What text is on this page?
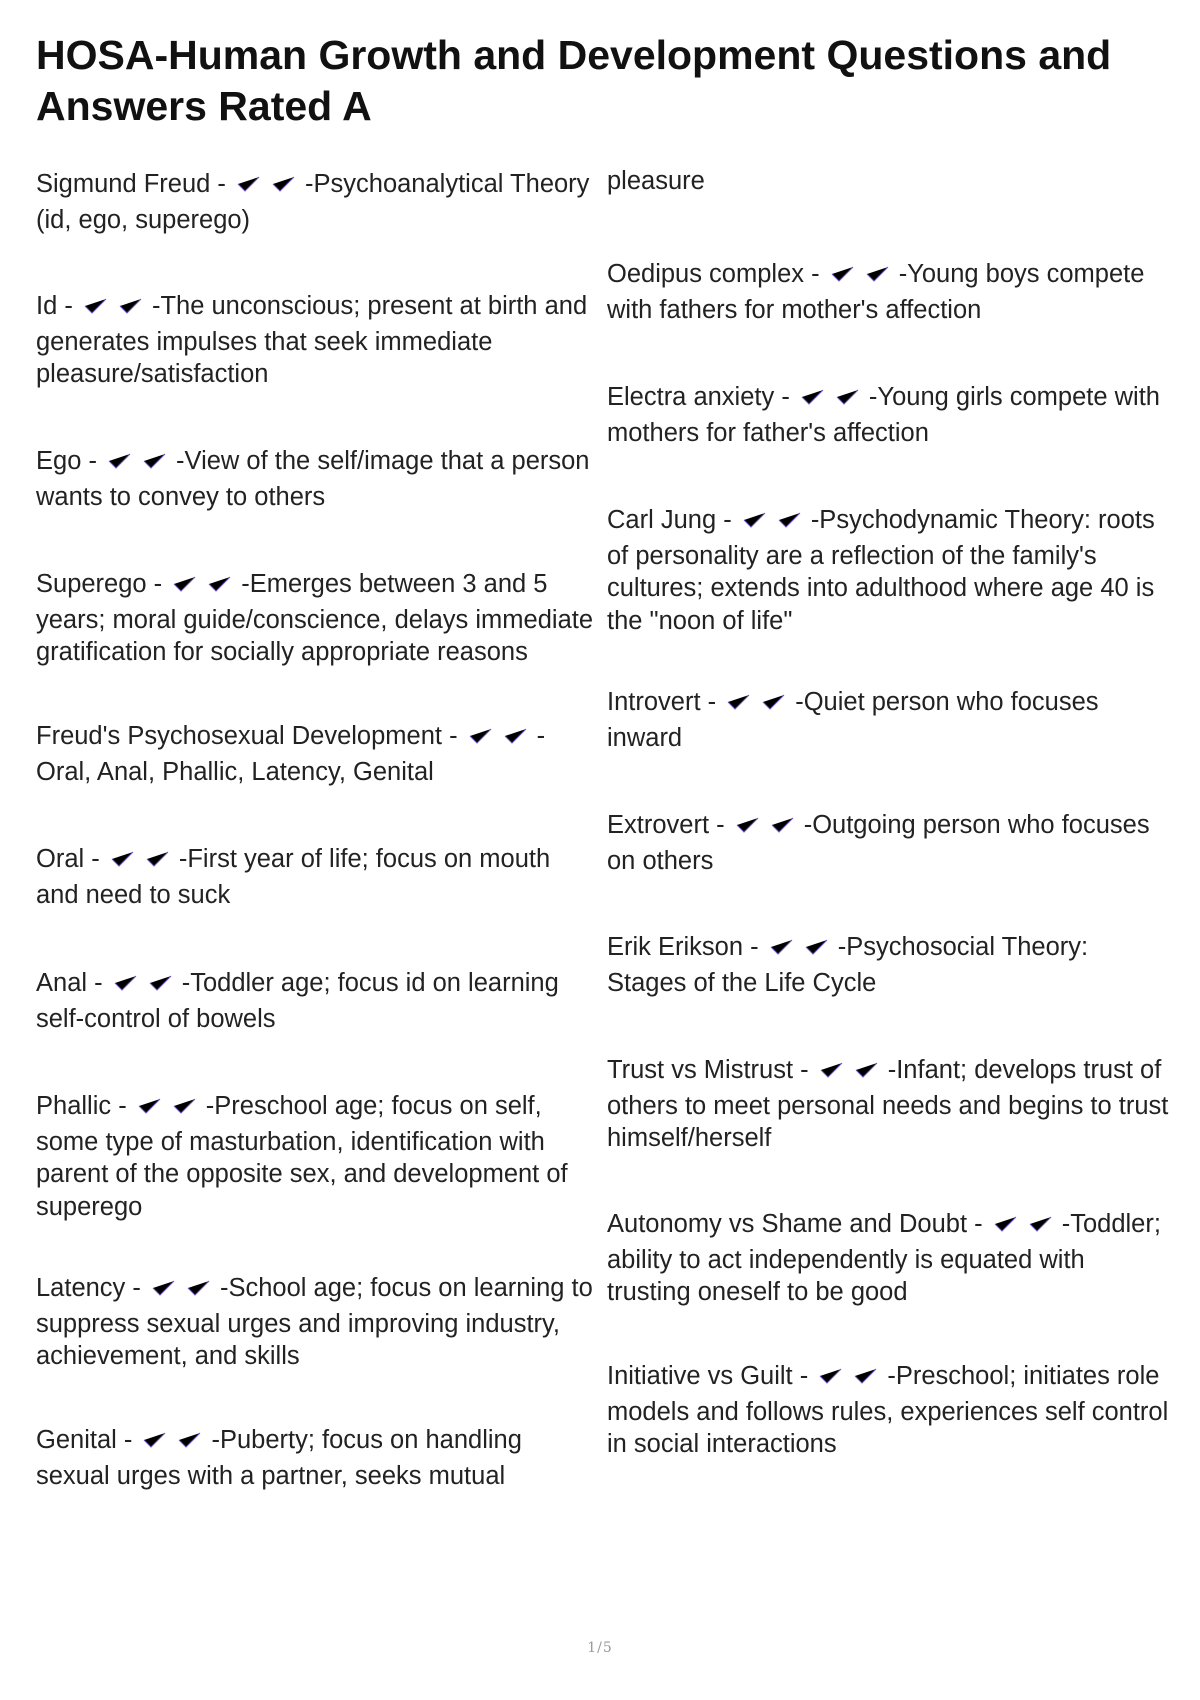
HOSA-Human Growth and Development Questions and Answers Rated A

Sigmund Freud -	-Psychoanalytical Theory (id, ego, superego)

Id -	-The unconscious; present at birth and generates impulses that seek immediate pleasure/satisfaction

Ego -	-View of the self/image that a person wants to convey to others

Superego -	-Emerges between 3 and 5 years; moral guide/conscience, delays immediate gratification for socially appropriate reasons

Freud's Psychosexual Development -	-Oral, Anal, Phallic, Latency, Genital

Oral -	-First year of life; focus on mouth and need to suck

Anal -	-Toddler age; focus id on learning self-control of bowels

Phallic -	-Preschool age; focus on self, some type of masturbation, identification with parent of the opposite sex, and development of superego

Latency -	-School age; focus on learning to suppress sexual urges and improving industry, achievement, and skills

Genital -	-Puberty; focus on handling sexual urges with a partner, seeks mutual

pleasure

Oedipus complex -	-Young boys compete with fathers for mother's affection

Electra anxiety -	-Young girls compete with mothers for father's affection

Carl Jung -	-Psychodynamic Theory: roots of personality are a reflection of the family's cultures; extends into adulthood where age 40 is the "noon of life"

Introvert -	-Quiet person who focuses inward

Extrovert -	-Outgoing person who focuses on others

Erik Erikson -	-Psychosocial Theory: Stages of the Life Cycle

Trust vs Mistrust -	-Infant; develops trust of others to meet personal needs and begins to trust himself/herself

Autonomy vs Shame and Doubt -	-Toddler; ability to act independently is equated with trusting oneself to be good

Initiative vs Guilt -	-Preschool; initiates role models and follows rules, experiences self control in social interactions

1/5
